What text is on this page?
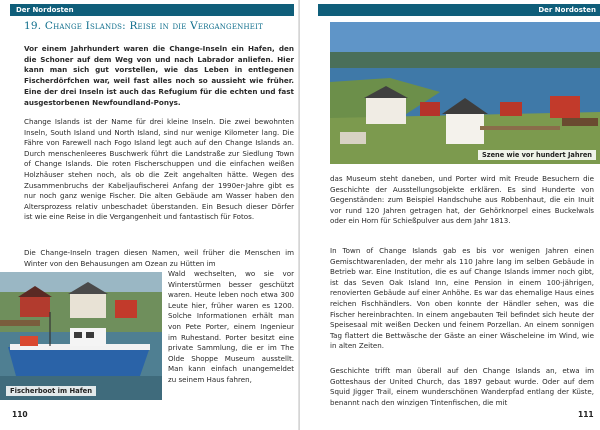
Der Nordosten
19. Change Islands: Reise in die Vergangenheit

Vor einem Jahrhundert waren die Change-Inseln ein Hafen, den die Schoner auf dem Weg von und nach Labrador anliefen. Hier kann man sich gut vorstellen, wie das Leben in entlegenen Fischerdörfchen war, weil fast alles noch so aussieht wie früher. Eine der drei Inseln ist auch das Refugium für die echten und fast ausgestorbenen Newfoundland-Ponys.

Change Islands ist der Name für drei kleine Inseln. Die zwei bewohnten Inseln, South Island und North Island, sind nur wenige Kilometer lang. Die Fähre von Farewell nach Fogo Island legt auch auf den Change Islands an. Durch menschenleeres Buschwerk führt die Landstraße zur Siedlung Town of Change Islands. Die roten Fischerschuppen und die einfachen weißen Holzhäuser stehen noch, als ob die Zeit angehalten hätte. Wegen des Zusammenbruchs der Kabeljaufischerei Anfang der 1990er-Jahre gibt es nur noch ganz wenige Fischer. Die alten Gebäude am Wasser haben den Altersprozess relativ unbeschadet überstanden. Ein Besuch dieser Dörfer ist wie eine Reise in die Vergangenheit und fantastisch für Fotos.

Die Change-Inseln tragen diesen Namen, weil früher die Menschen im Winter von den Behausungen am Ozean zu Hütten im

Fischerboot im Hafen

Wald wechselten, wo sie vor Winterstürmen besser geschützt waren. Heute leben noch etwa 300 Leute hier, früher waren es 1200. Solche Informationen erhält man von Pete Porter, einem Ingenieur im Ruhestand. Porter besitzt eine private Sammlung, die er im The Olde Shoppe Museum ausstellt. Man kann einfach unangemeldet zu seinem Haus fahren,

110
Der Nordosten
Szene wie vor hundert Jahren

das Museum steht daneben, und Porter wird mit Freude Besuchern die Geschichte der Ausstellungsobjekte erklären. Es sind Hunderte von Gegenständen: zum Beispiel Handschuhe aus Robbenhaut, die ein Inuit vor rund 120 Jahren getragen hat, der Gehörknorpel eines Buckelwals oder ein Horn für Schießpulver aus dem Jahr 1813.

In Town of Change Islands gab es bis vor wenigen Jahren einen Gemischtwarenladen, der mehr als 110 Jahre lang im selben Gebäude in Betrieb war. Eine Institution, die es auf Change Islands immer noch gibt, ist das Seven Oak Island Inn, eine Pension in einem 100-jährigen, renovierten Gebäude auf einer Anhöhe. Es war das ehemalige Haus eines reichen Fischhändlers. Von oben konnte der Händler sehen, was die Fischer hereinbrachten. In einem angebauten Teil befindet sich heute der Speisesaal mit weißen Decken und feinem Porzellan. An einem sonnigen Tag flattert die Bettwäsche der Gäste an einer Wäscheleine im Wind, wie in alten Zeiten.

Geschichte trifft man überall auf den Change Islands an, etwa im Gotteshaus der United Church, das 1897 gebaut wurde. Oder auf dem Squid Jigger Trail, einem wunderschönen Wanderpfad entlang der Küste, benannt nach den winzigen Tintenfischen, die mit

111
